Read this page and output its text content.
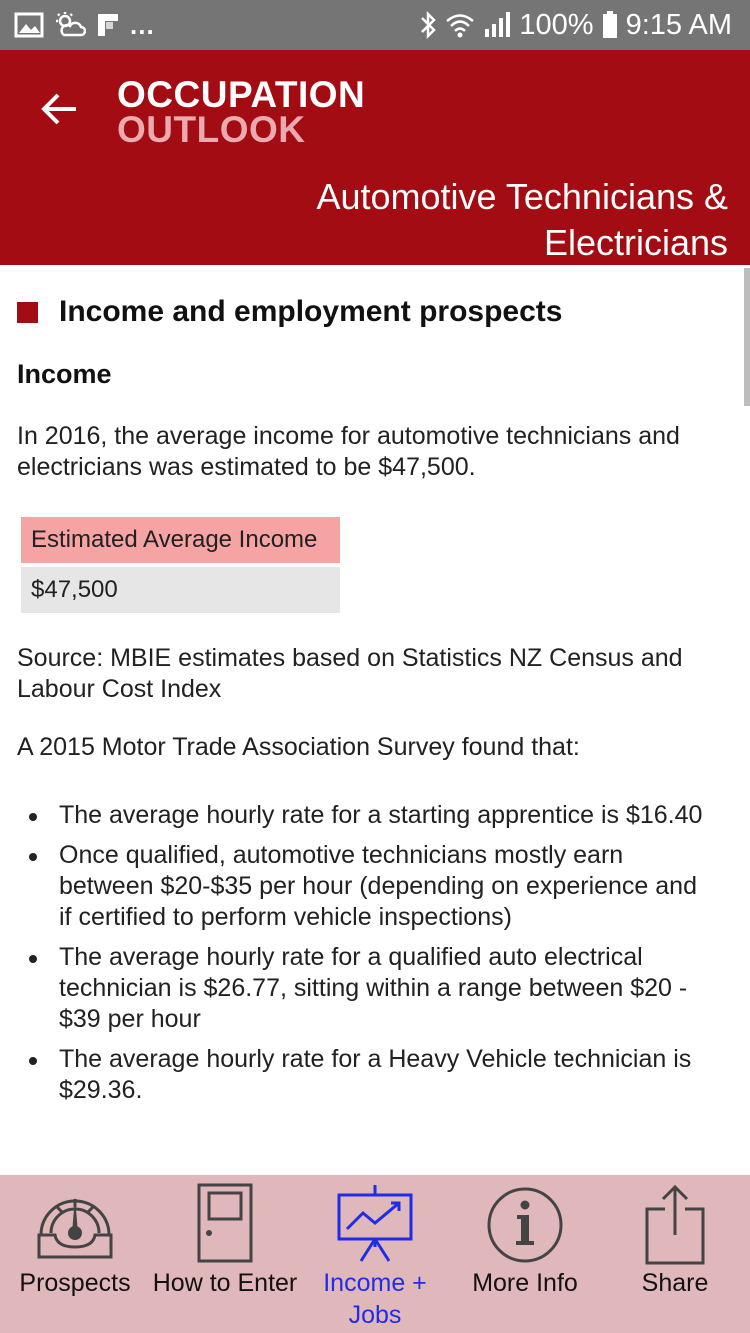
...	100% 9:15 AM
OCCUPATION
OUTLOOK
Automotive Technicians & Electricians
Income and employment prospects
Income

In 2016, the average income for automotive technicians and electricians was estimated to be $47,500.

Estimated Average Income
$47,500

Source: MBIE estimates based on Statistics NZ Census and Labour Cost Index

A 2015 Motor Trade Association Survey found that:

The average hourly rate for a starting apprentice is $16.40
Once qualified, automotive technicians mostly earn between $20-$35 per hour (depending on experience and if certified to perform vehicle inspections)
The average hourly rate for a qualified auto electrical technician is $26.77, sitting within a range between $20 - $39 per hour
The average hourly rate for a Heavy Vehicle technician is $29.36.
Prospects How to Enter	Income + Jobs
More Info	Share
